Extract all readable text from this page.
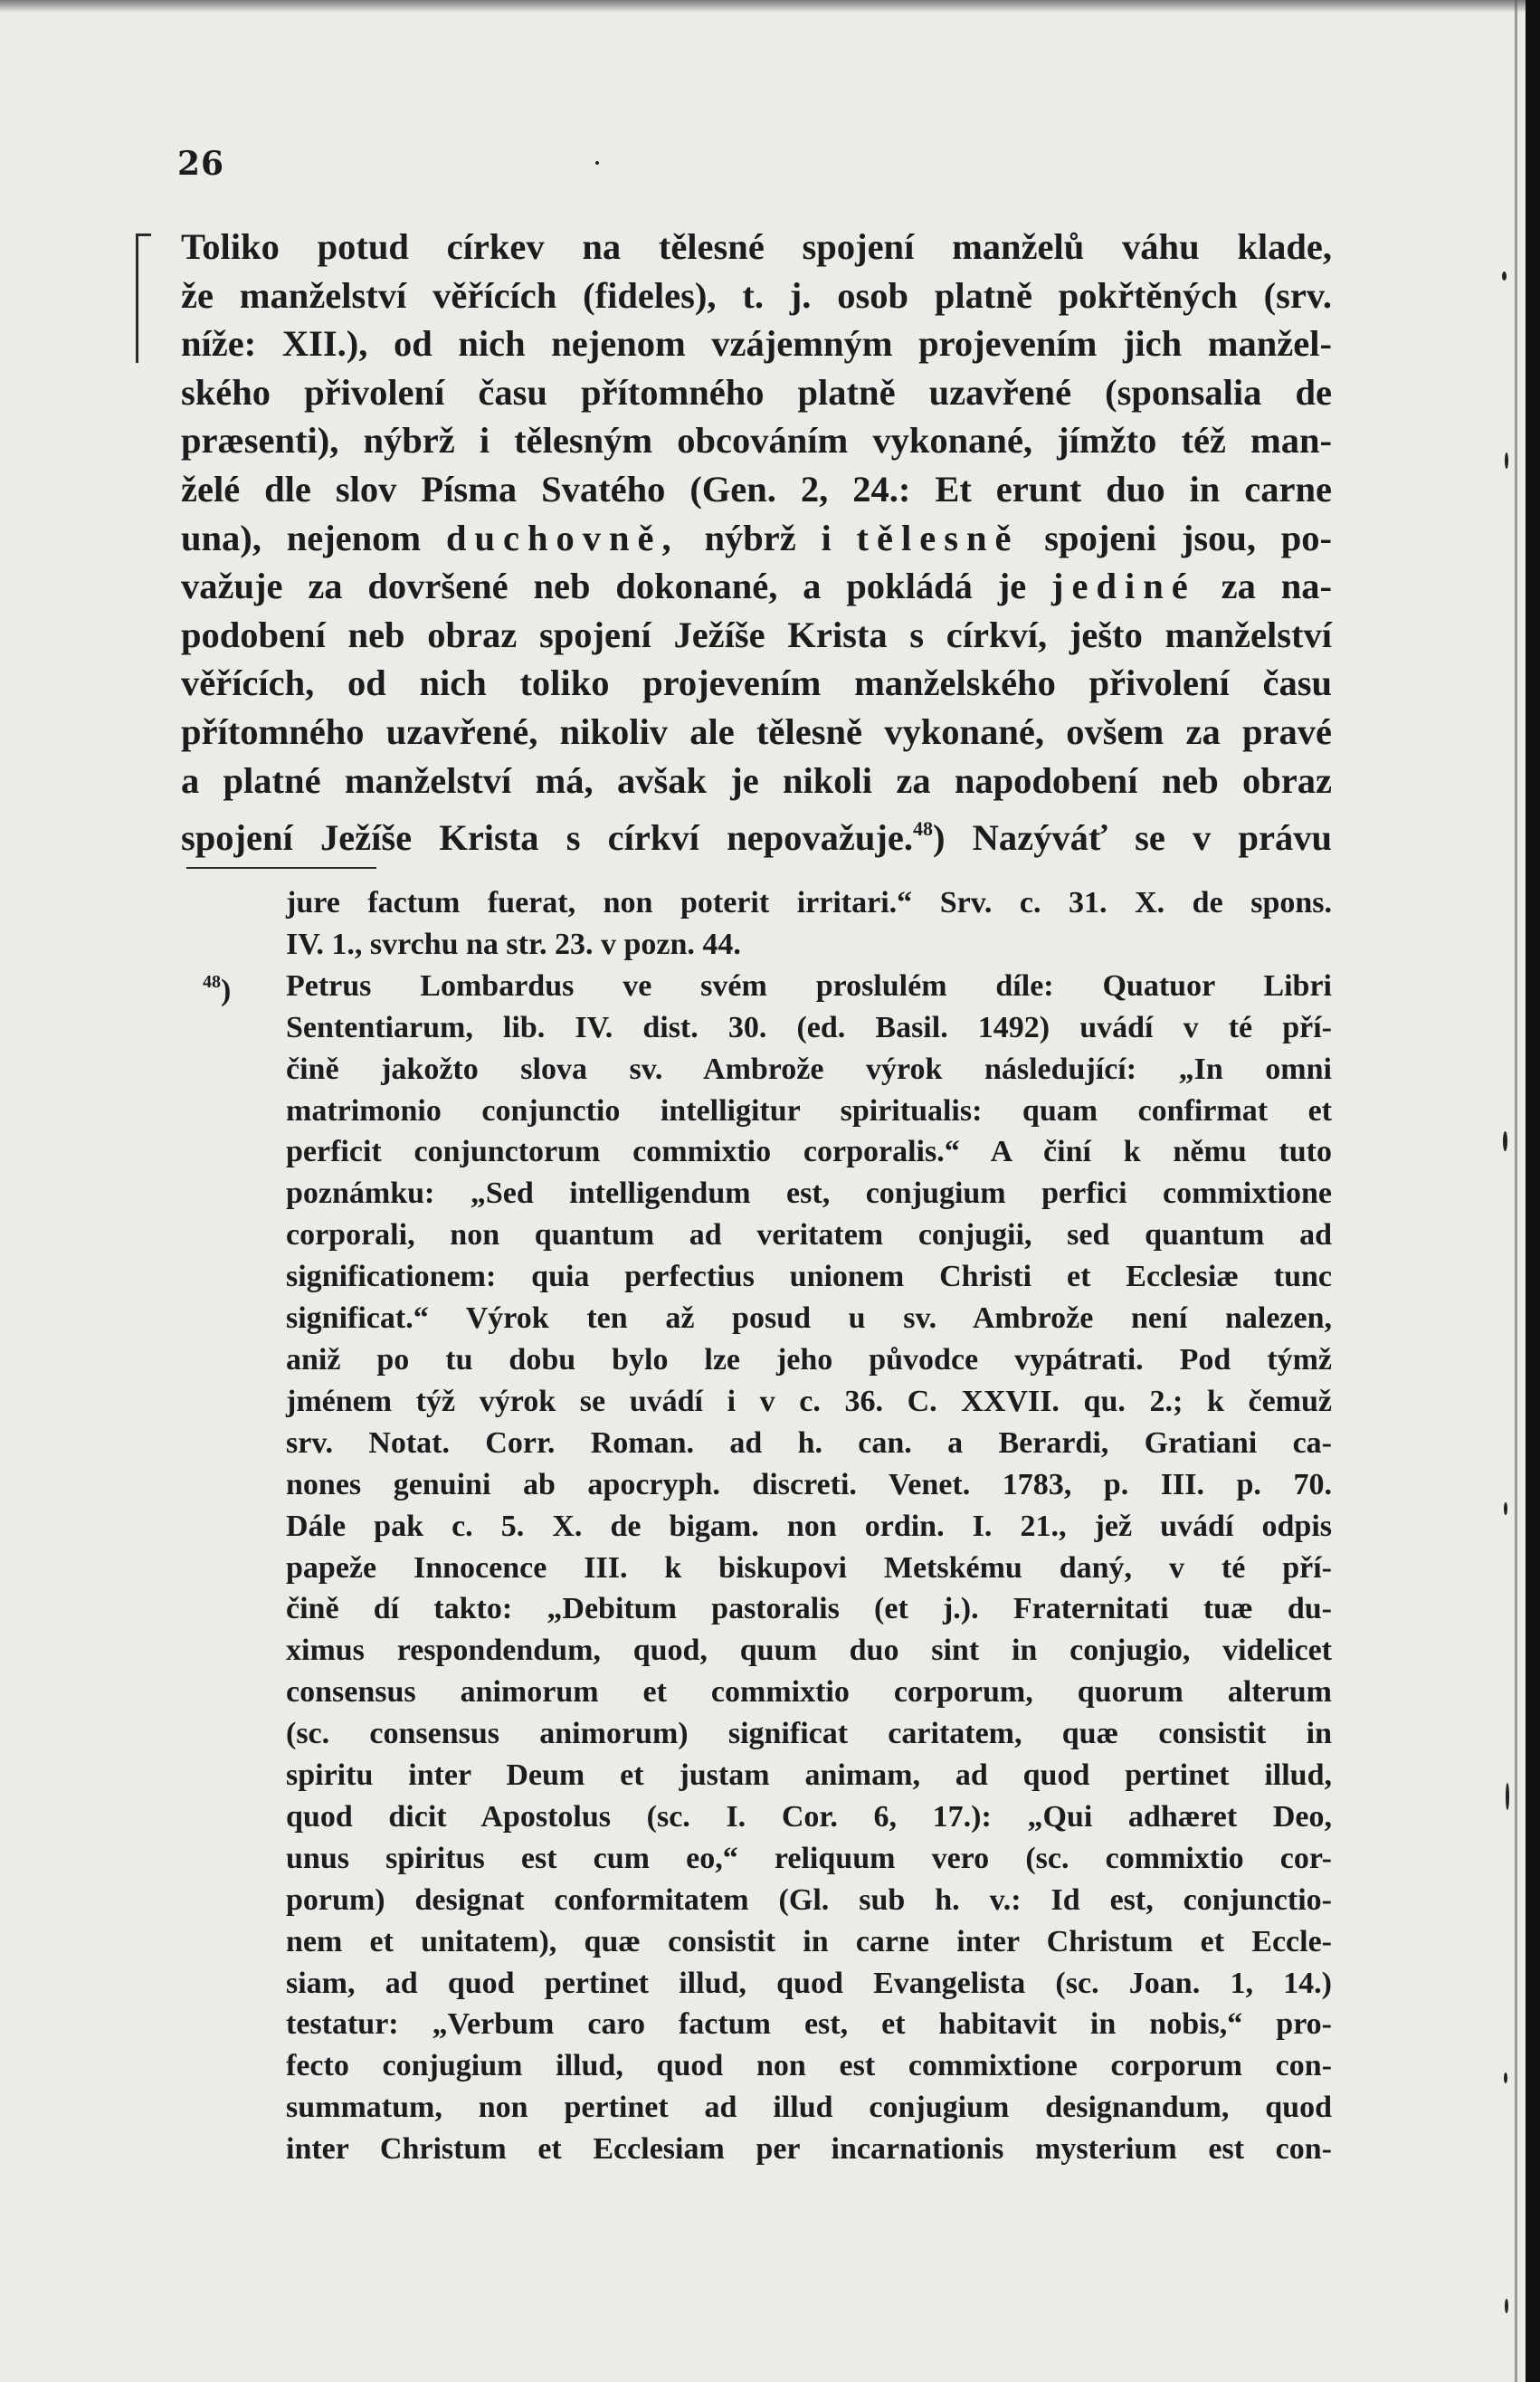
26
Toliko potud církev na tělesné spojení manželů váhu klade,
že manželství věřících (fideles), t. j. osob platně pokřtěných (srv.
níže: XII.), od nich nejenom vzájemným projevením jich manžel-
ského přivolení času přítomného platně uzavřené (sponsalia de
præsenti), nýbrž i tělesným obcováním vykonané, jímžto též man-
želé dle slov Písma Svatého (Gen. 2, 24.: Et erunt duo in carne
una), nejenom duchovně, nýbrž i tělesně spojeni jsou, po-
važuje za dovršené neb dokonané, a pokládá je jediné za na-
podobení neb obraz spojení Ježíše Krista s církví, ješto manželství
věřících, od nich toliko projevením manželského přivolení času
přítomného uzavřené, nikoliv ale tělesně vykonané, ovšem za pravé
a platné manželství má, avšak je nikoli za napodobení neb obraz
spojení Ježíše Krista s církví nepovažuje.$^{48}$) Nazýváť se v právu
jure factum fuerat, non poterit irritari.“ Srv. c. 31. X. de spons.
IV. 1., svrchu na str. 23. v pozn. 44.
$^{48}$) Petrus Lombardus ve svém proslulém díle: Quatuor Libri
Sententiarum, lib. IV. dist. 30. (ed. Basil. 1492) uvádí v té pří-
čině jakožto slova sv. Ambrože výrok následující: „In omni
matrimonio conjunctio intelligitur spiritualis: quam confirmat et
perficit conjunctorum commixtio corporalis.“ A činí k němu tuto
poznámku: „Sed intelligendum est, conjugium perfici commixtione
corporali, non quantum ad veritatem conjugii, sed quantum ad
significationem: quia perfectius unionem Christi et Ecclesiæ tunc
significat.“ Výrok ten až posud u sv. Ambrože není nalezen,
aniž po tu dobu bylo lze jeho původce vypátrati. Pod týmž
jménem týž výrok se uvádí i v c. 36. C. XXVII. qu. 2.; k čemuž
srv. Notat. Corr. Roman. ad h. can. a Berardi, Gratiani ca-
nones genuini ab apocryph. discreti. Venet. 1783, p. III. p. 70.
Dále pak c. 5. X. de bigam. non ordin. I. 21., jež uvádí odpis
papeže Innocence III. k biskupovi Metskému daný, v té pří-
čině dí takto: „Debitum pastoralis (et j.). Fraternitati tuæ du-
ximus respondendum, quod, quum duo sint in conjugio, videlicet
consensus animorum et commixtio corporum, quorum alterum
(sc. consensus animorum) significat caritatem, quæ consistit in
spiritu inter Deum et justam animam, ad quod pertinet illud,
quod dicit Apostolus (sc. I. Cor. 6, 17.): „Qui adhæret Deo,
unus spiritus est cum eo,“ reliquum vero (sc. commixtio cor-
porum) designat conformitatem (Gl. sub h. v.: Id est, conjunctio-
nem et unitatem), quæ consistit in carne inter Christum et Eccle-
siam, ad quod pertinet illud, quod Evangelista (sc. Joan. 1, 14.)
testatur: „Verbum caro factum est, et habitavit in nobis,“ pro-
fecto conjugium illud, quod non est commixtione corporum con-
summatum, non pertinet ad illud conjugium designandum, quod
inter Christum et Ecclesiam per incarnationis mysterium est con-
